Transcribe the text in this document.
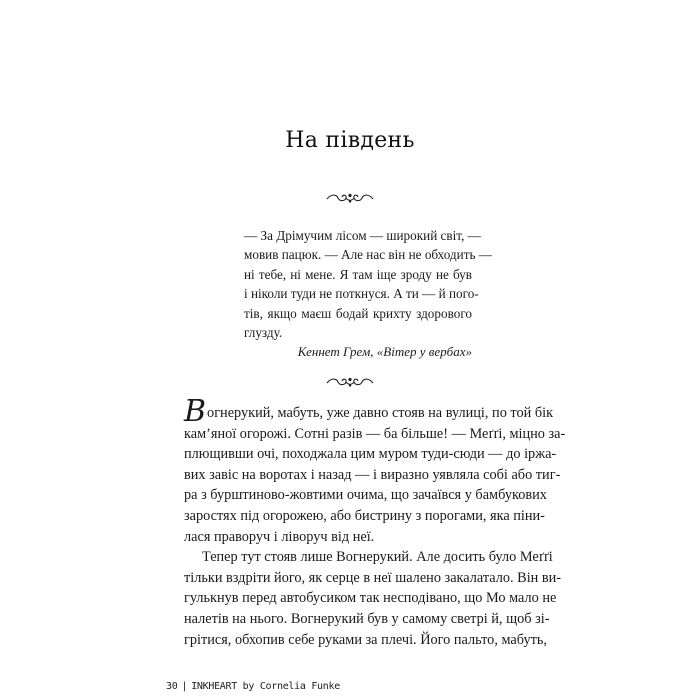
На південь
— За Дрімучим лісом — широкий світ, —
мовив пацюк. — Але нас він не обходить —
ні тебе, ні мене. Я там іще зроду не був
і ніколи туди не поткнуся. А ти — й пого-
тів, якщо маєш бодай крихту здорового
глузду.
Кеннет Грем, «Вітер у вербах»
Вогнерукий, мабуть, уже давно стояв на вулиці, по той бік
кам’яної огорожі. Сотні разів — ба більше! — Меґґі, міцно за-
плющивши очі, походжала цим муром туди-сюди — до іржа-
вих завіс на воротах і назад — і виразно уявляла собі або тиг-
ра з бурштиново-жовтими очима, що зачаївся у бамбукових
заростях під огорожею, або бистрину з порогами, яка піни-
лася праворуч і ліворуч від неї.
Тепер тут стояв лише Вогнерукий. Але досить було Меґґі
тільки вздріти його, як серце в неї шалено закалатало. Він ви-
гулькнув перед автобусиком так несподівано, що Мо мало не
налетів на нього. Вогнерукий був у самому светрі й, щоб зі-
грітися, обхопив себе руками за плечі. Його пальто, мабуть,
30 | INKHEART by Cornelia Funke
